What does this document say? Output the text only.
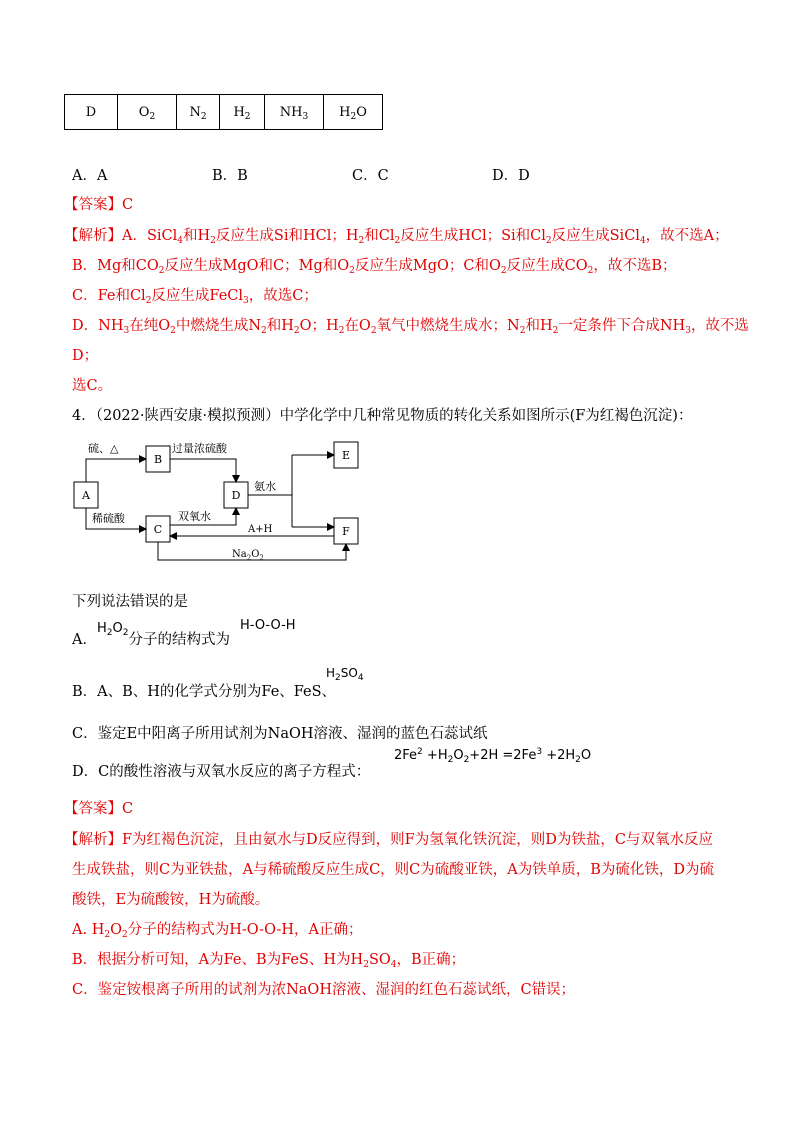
D	$O_2$	$N_2$	$H_2$	$NH_3$	$H_2O$
A．A	B．B	C．C	D．D
【答案】C
【解析】A．SiCl$_4$和$H_2$反应生成Si和HCl；$H_2$和$Cl_2$反应生成HCl；Si和$Cl_2$反应生成SiCl$_4$，故不选A；
B．Mg和$CO_2$反应生成MgO和C；Mg和$O_2$反应生成MgO；C和$O_2$反应生成$CO_2$，故不选B；
C．Fe和$Cl_2$反应生成FeCl$_3$，故选C；
D．$NH_3$在纯$O_2$中燃烧生成$N_2$和$H_2O$；$H_2$在$O_2$氧气中燃烧生成水；$N_2$和$H_2$一定条件下合成$NH_3$，故不选
D；
选C。
4．（2022·陕西安康·模拟预测）中学化学中几种常见物质的转化关系如图所示(F为红褐色沉淀)：
B
A	D
C
E
F
硫、△	过量浓硫酸
氨水
稀硫酸	双氧水
A+H
$Na_2O_2$
下列说法错误的是
A．$H_2O_2$分子的结构式为
H-O-O-H
B．A、B、H的化学式分别为Fe、FeS、
$H_2SO_4$
C．鉴定E中阳离子所用试剂为NaOH溶液、湿润的蓝色石蕊试纸
D．C的酸性溶液与双氧水反应的离子方程式：
$2Fe^2 +H_2O_2+2H =2Fe^3 +2H_2O$
【答案】C
【解析】F为红褐色沉淀，且由氨水与D反应得到，则F为氢氧化铁沉淀，则D为铁盐，C与双氧水反应
生成铁盐，则C为亚铁盐，A与稀硫酸反应生成C，则C为硫酸亚铁，A为铁单质，B为硫化铁，D为硫
酸铁，E为硫酸铵，H为硫酸。
A. $H_2O_2$分子的结构式为H-O-O-H，A正确；
B．根据分析可知，A为Fe、B为FeS、H为$H_2SO_4$，B正确；
C．鉴定铵根离子所用的试剂为浓NaOH溶液、湿润的红色石蕊试纸，C错误；
